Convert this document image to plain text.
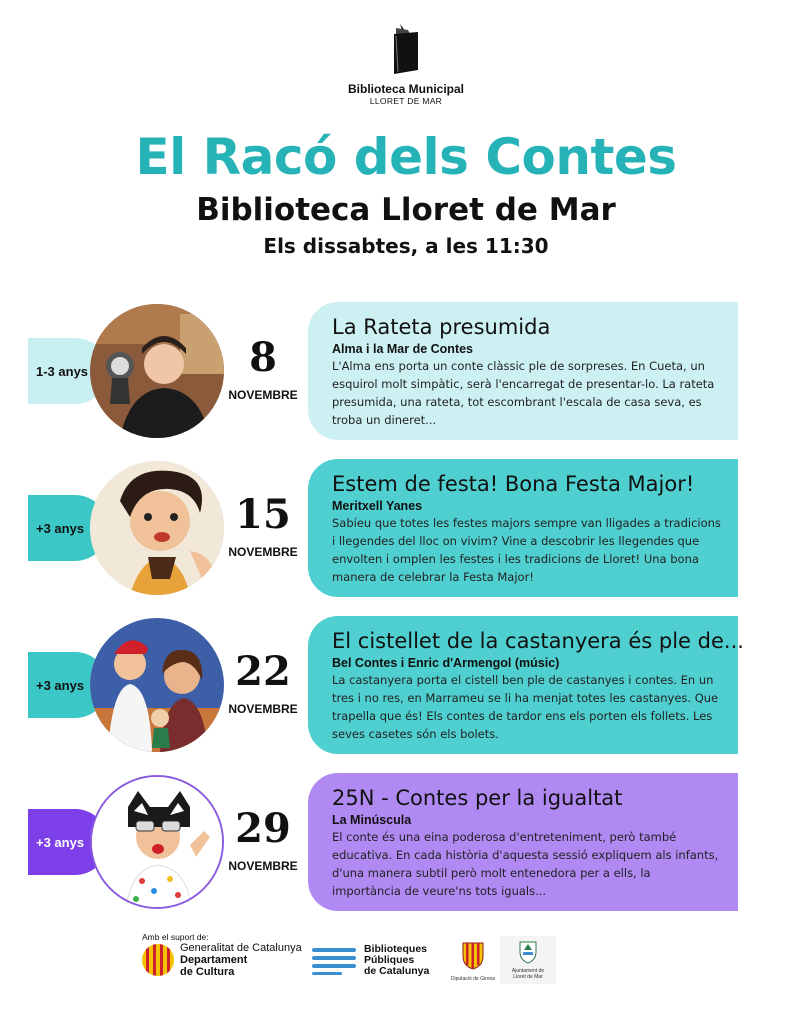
Biblioteca Municipal
LLORET DE MAR
El Racó dels Contes
Biblioteca Lloret de Mar
Els dissabtes, a les 11:30
La Rateta presumida
Alma i la Mar de Contes
L'Alma ens porta un conte clàssic ple de sorpreses. En Cueta, un esquirol molt simpàtic, serà l'encarregat de presentar-lo. La rateta presumida, una rateta, tot escombrant l'escala de casa seva, es troba un dineret...
1-3 anys	8
NOVEMBRE
Estem de festa! Bona Festa Major!
Meritxell Yanes
Sabíeu que totes les festes majors sempre van lligades a tradicions i llegendes del lloc on vivim? Vine a descobrir les llegendes que envolten i omplen les festes i les tradicions de Lloret! Una bona manera de celebrar la Festa Major!
+3 anys	15
NOVEMBRE
El cistellet de la castanyera és ple de...
Bel Contes i Enric d'Armengol (músic)
La castanyera porta el cistell ben ple de castanyes i contes. En un tres i no res, en Marrameu se li ha menjat totes les castanyes. Que trapella que és! Els contes de tardor ens els porten els follets. Les seves casetes són els bolets.
+3 anys	22
NOVEMBRE
25N - Contes per la igualtat
La Minúscula
El conte és una eina poderosa d'entreteniment, però també educativa. En cada història d'aquesta sessió expliquem als infants, d'una manera subtil però molt entenedora per a ells, la importància de veure'ns tots iguals...
+3 anys	29
NOVEMBRE
Amb el suport de:
Generalitat de Catalunya
Departament
de Cultura
Biblioteques
Públiques
de Catalunya
Diputació de Girona
Ajuntament de
Lloret de Mar
